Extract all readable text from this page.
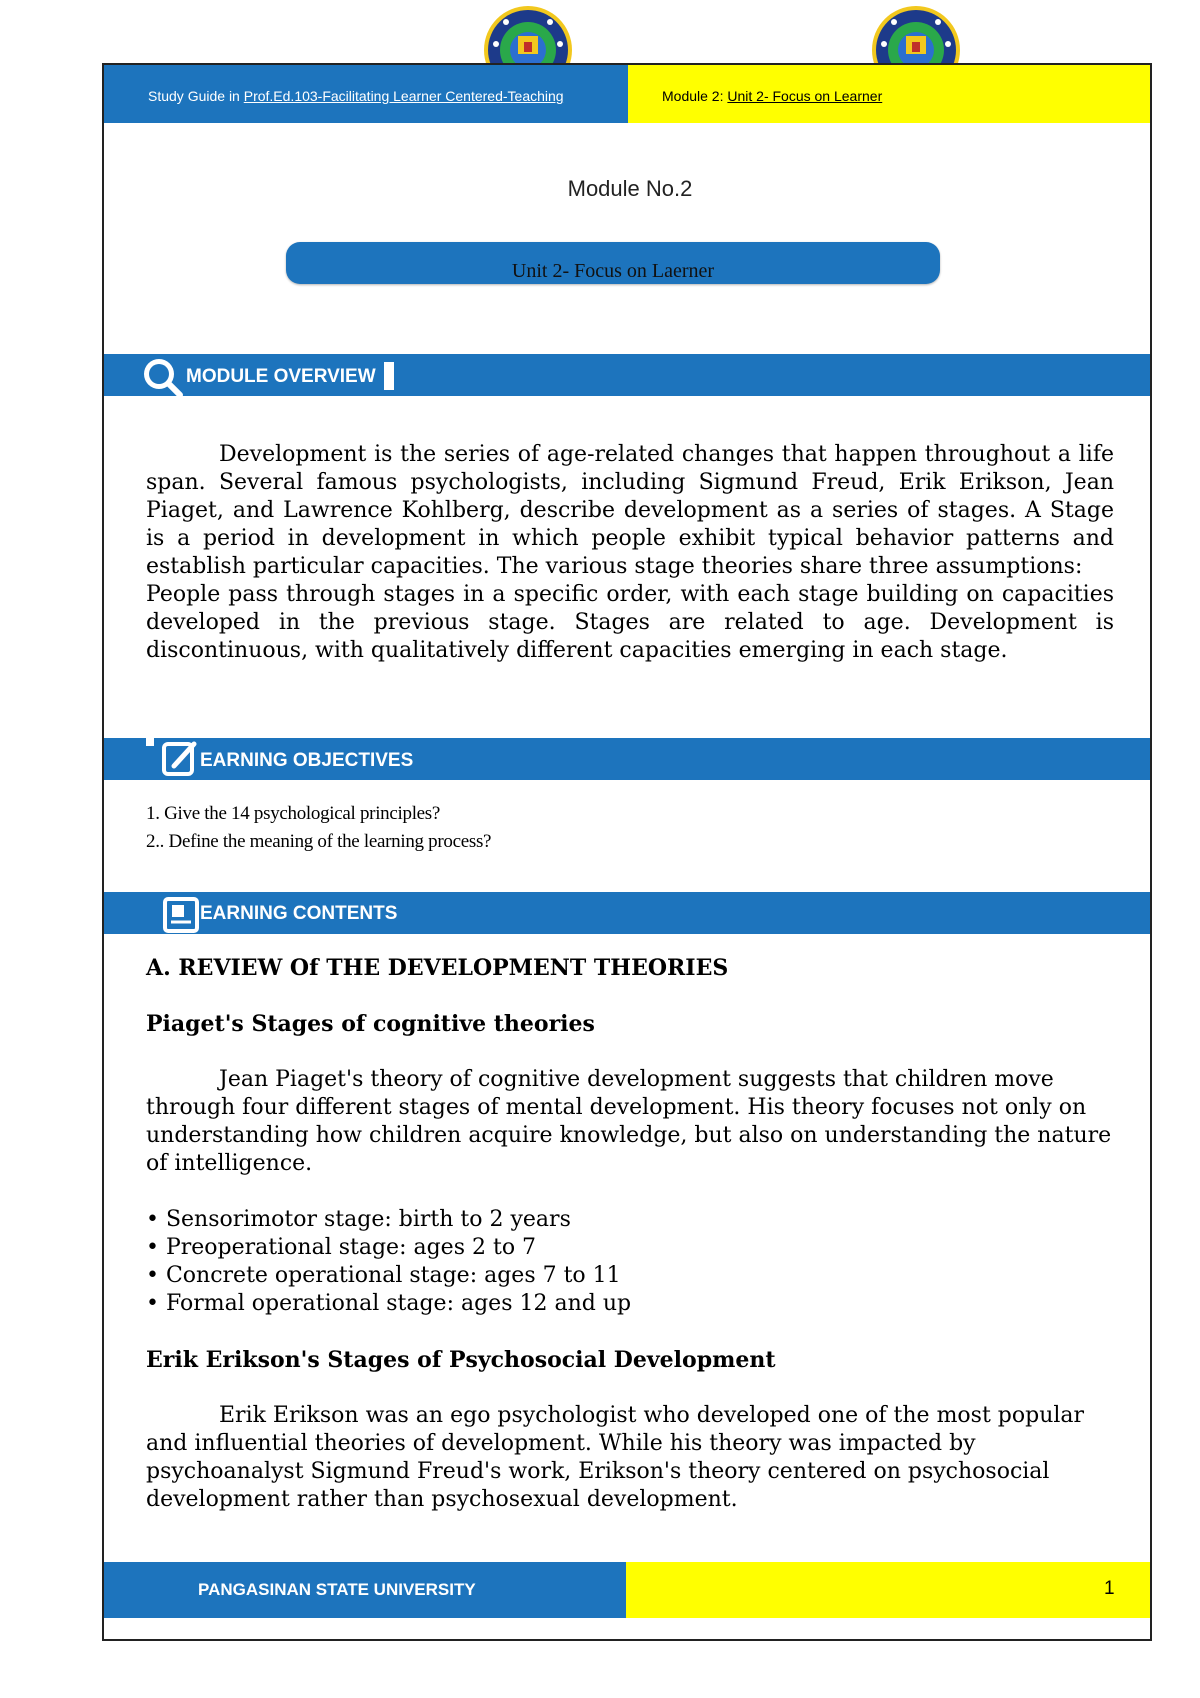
Study Guide in Prof.Ed.103-Facilitating Learner Centered-Teaching	Module 2: Unit 2- Focus on Learner
Module No.2
Unit 2- Focus on Laerner
MODULE OVERVIEW

Development is the series of age-related changes that happen throughout a life span. Several famous psychologists, including Sigmund Freud, Erik Erikson, Jean Piaget, and Lawrence Kohlberg, describe development as a series of stages. A Stage is a period in development in which people exhibit typical behavior patterns and establish particular capacities. The various stage theories share three assumptions:

People pass through stages in a specific order, with each stage building on capacities developed in the previous stage. Stages are related to age. Development is discontinuous, with qualitatively different capacities emerging in each stage.

EARNING OBJECTIVES
1. Give the 14 psychological principles?
2.. Define the meaning of the learning process?
EARNING CONTENTS
A. REVIEW Of THE DEVELOPMENT THEORIES
Piaget's Stages of cognitive theories

Jean Piaget's theory of cognitive development suggests that children move through four different stages of mental development. His theory focuses not only on understanding how children acquire knowledge, but also on understanding the nature of intelligence.

• Sensorimotor stage: birth to 2 years
• Preoperational stage: ages 2 to 7
• Concrete operational stage: ages 7 to 11
• Formal operational stage: ages 12 and up
Erik Erikson's Stages of Psychosocial Development

Erik Erikson was an ego psychologist who developed one of the most popular and influential theories of development. While his theory was impacted by psychoanalyst Sigmund Freud's work, Erikson's theory centered on psychosocial development rather than psychosexual development.

PANGASINAN STATE UNIVERSITY	1
